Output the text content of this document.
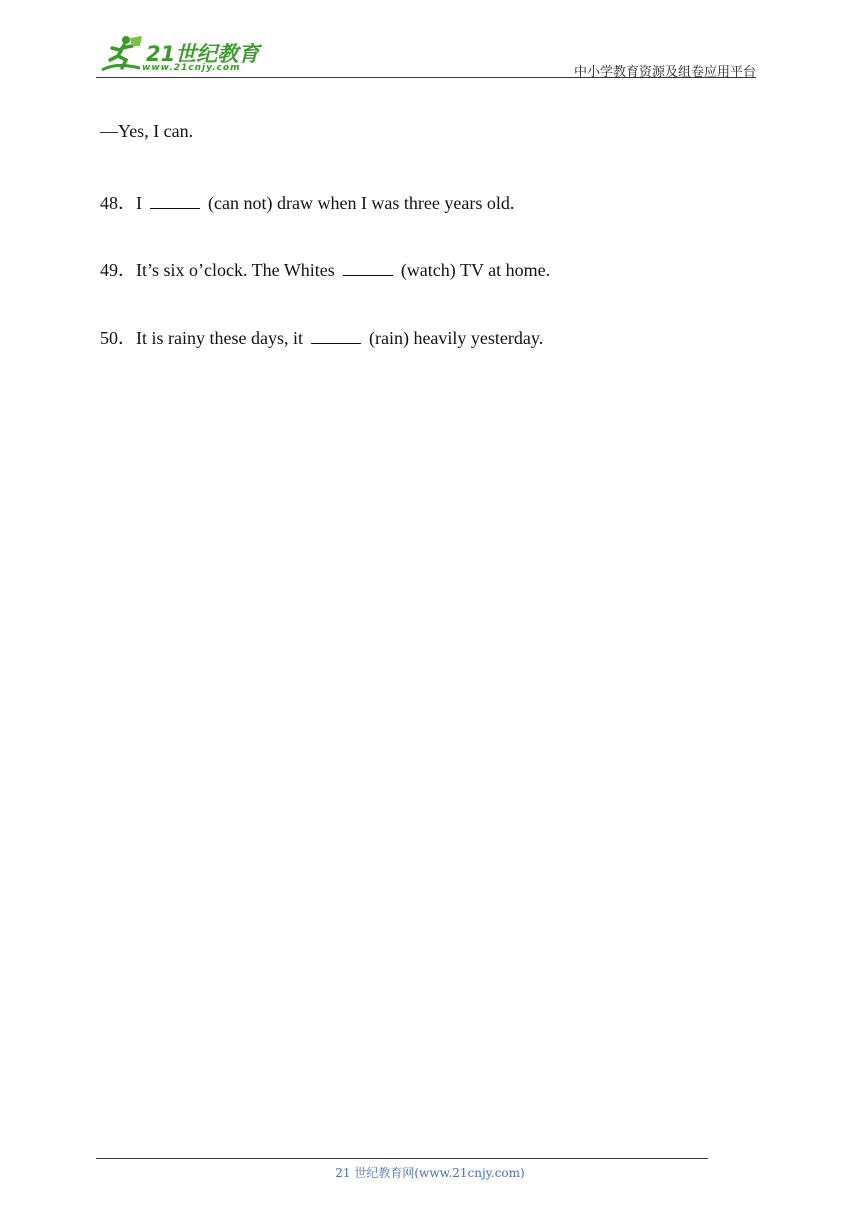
21世纪教育
www.21cnjy.com	中小学教育资源及组卷应用平台
—Yes, I can.
48．I	(can not) draw when I was three years old.
49．It’s six o’clock. The Whites	(watch) TV at home.
50．It is rainy these days, it	(rain) heavily yesterday.
21 世纪教育网(www.21cnjy.com)
